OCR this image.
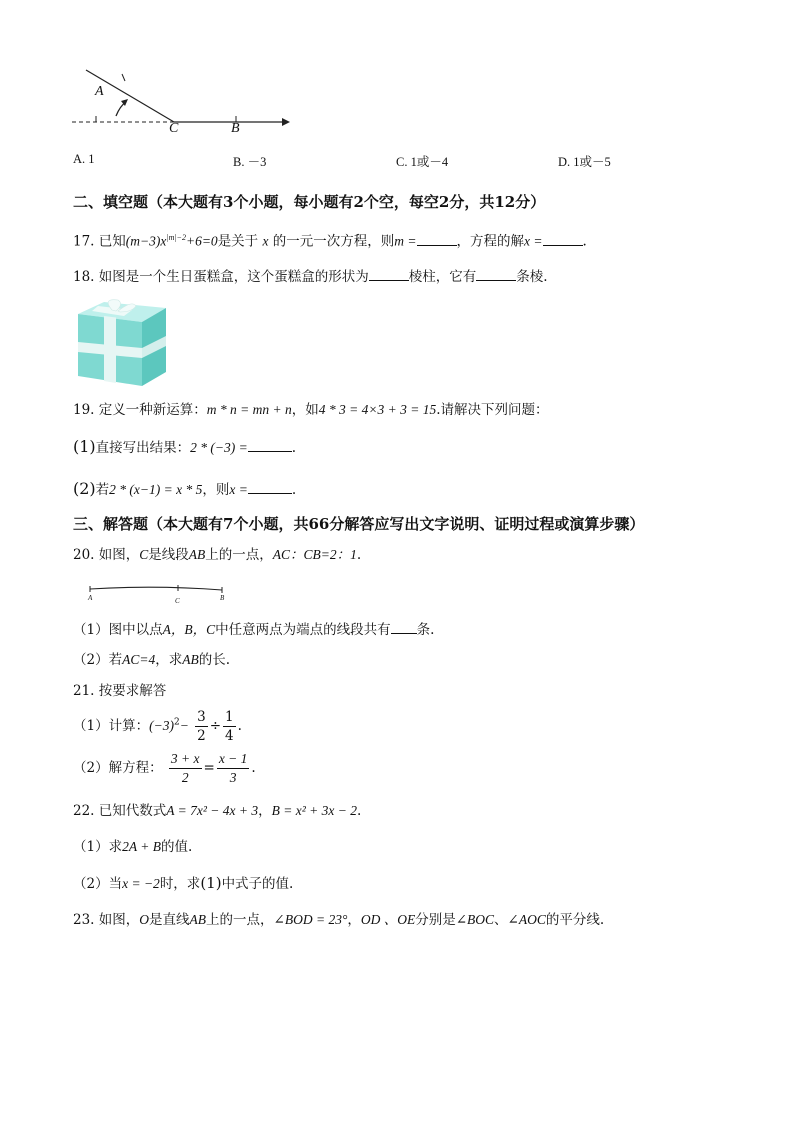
A
C	B
A. 1	B. －3	C. 1或－4	D. 1或－5
二、填空题（本大题有3个小题，每小题有2个空，每空2分，共12分）
17. 已知$(m-3)x^{|m|-2}+6=0$是关于 x 的一元一次方程，则m =	，方程的解x =	.
18. 如图是一个生日蛋糕盒，这个蛋糕盒的形状为	棱柱，它有	条棱.
19. 定义一种新运算：m * n = mn + n，如4 * 3 = 4×3 + 3 = 15.请解决下列问题：
(1)直接写出结果：2 * (−3) =	.
(2)若2 * (x−1) = x * 5，则x =	.
三、解答题（本大题有7个小题，共66分解答应写出文字说明、证明过程或演算步骤）
20. 如图，C是线段AB上的一点，AC：CB=2：1.
A	C	B
（1）图中以点A，B，C中任意两点为端点的线段共有 条.
（2）若AC=4，求AB的长.
21. 按要求解答
（1）计算：$(-3)^2- \frac{3}{2} \div \frac{1}{4}$ .
（2）解方程： $\frac{3 + x}{2} = \frac{x - 1}{3}$ .
22. 已知代数式A = 7x² − 4x + 3，B = x² + 3x − 2.
（1）求2A + B的值.
（2）当x = −2时，求(1)中式子的值.
23. 如图，O是直线AB上的一点，∠BOD = 23°，OD 、OE分别是∠BOC、∠AOC的平分线.
